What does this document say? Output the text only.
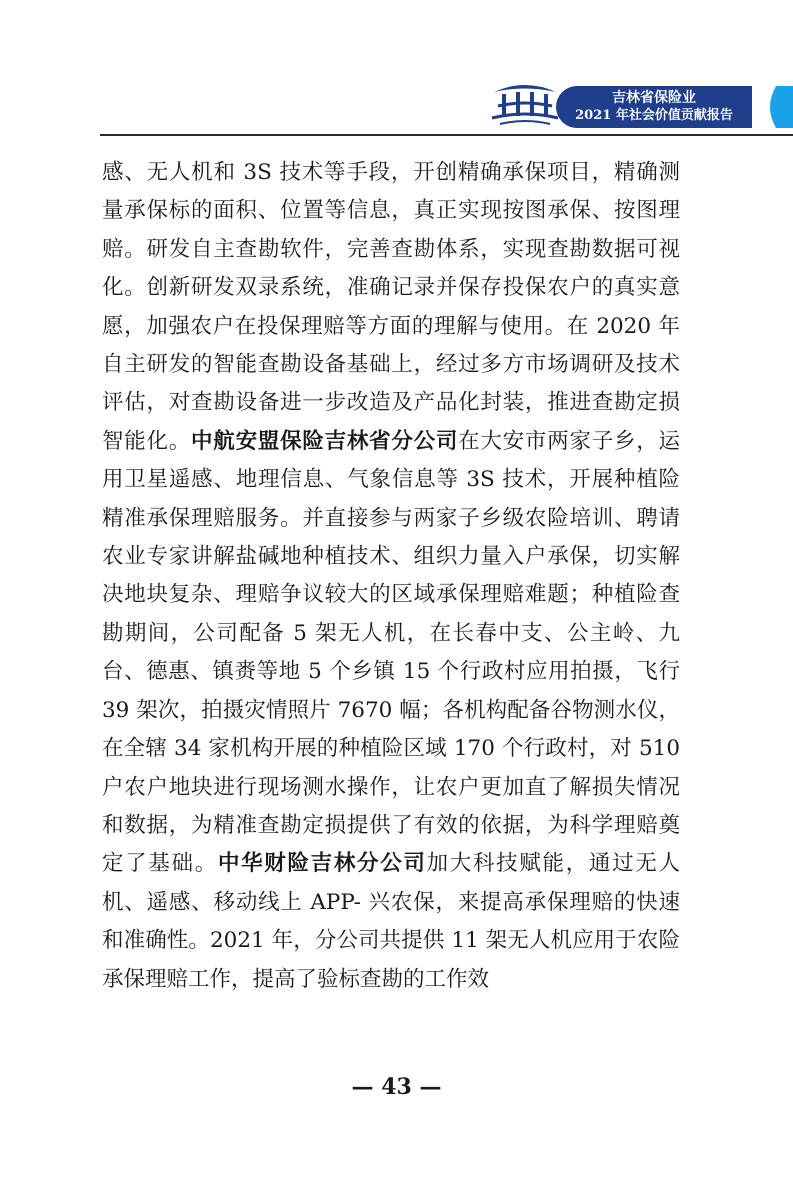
吉林省保险业
2021 年社会价值贡献报告

感、无人机和 3S 技术等手段，开创精确承保项目，精确测量承保标的面积、位置等信息，真正实现按图承保、按图理赔。研发自主查勘软件，完善查勘体系，实现查勘数据可视化。创新研发双录系统，准确记录并保存投保农户的真实意愿，加强农户在投保理赔等方面的理解与使用。在 2020 年自主研发的智能查勘设备基础上，经过多方市场调研及技术评估，对查勘设备进一步改造及产品化封装，推进查勘定损智能化。中航安盟保险吉林省分公司在大安市两家子乡，运用卫星遥感、地理信息、气象信息等 3S 技术，开展种植险精准承保理赔服务。并直接参与两家子乡级农险培训、聘请农业专家讲解盐碱地种植技术、组织力量入户承保，切实解决地块复杂、理赔争议较大的区域承保理赔难题；种植险查勘期间，公司配备 5 架无人机，在长春中支、公主岭、九台、德惠、镇赉等地 5 个乡镇 15 个行政村应用拍摄，飞行 39 架次，拍摄灾情照片 7670 幅；各机构配备谷物测水仪，在全辖 34 家机构开展的种植险区域 170 个行政村，对 510 户农户地块进行现场测水操作，让农户更加直了解损失情况和数据，为精准查勘定损提供了有效的依据，为科学理赔奠定了基础。中华财险吉林分公司加大科技赋能，通过无人机、遥感、移动线上 APP- 兴农保，来提高承保理赔的快速和准确性。2021 年，分公司共提供 11 架无人机应用于农险承保理赔工作，提高了验标查勘的工作效

— 43 —
